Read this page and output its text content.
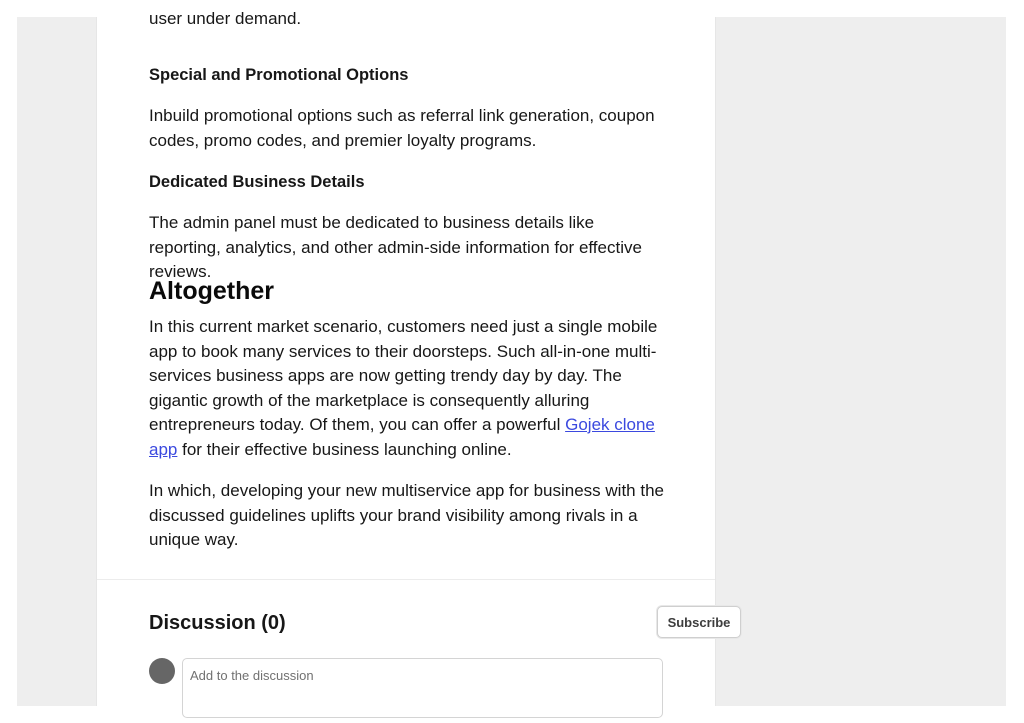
user under demand.

Special and Promotional Options

Inbuild promotional options such as referral link generation, coupon codes, promo codes, and premier loyalty programs.

Dedicated Business Details

The admin panel must be dedicated to business details like reporting, analytics, and other admin-side information for effective reviews.

Altogether

In this current market scenario, customers need just a single mobile app to book many services to their doorsteps. Such all-in-one multi-services business apps are now getting trendy day by day. The gigantic growth of the marketplace is consequently alluring entrepreneurs today. Of them, you can offer a powerful Gojek clone app for their effective business launching online.

In which, developing your new multiservice app for business with the discussed guidelines uplifts your brand visibility among rivals in a unique way.

Discussion (0)	Subscribe
Add to the discussion
